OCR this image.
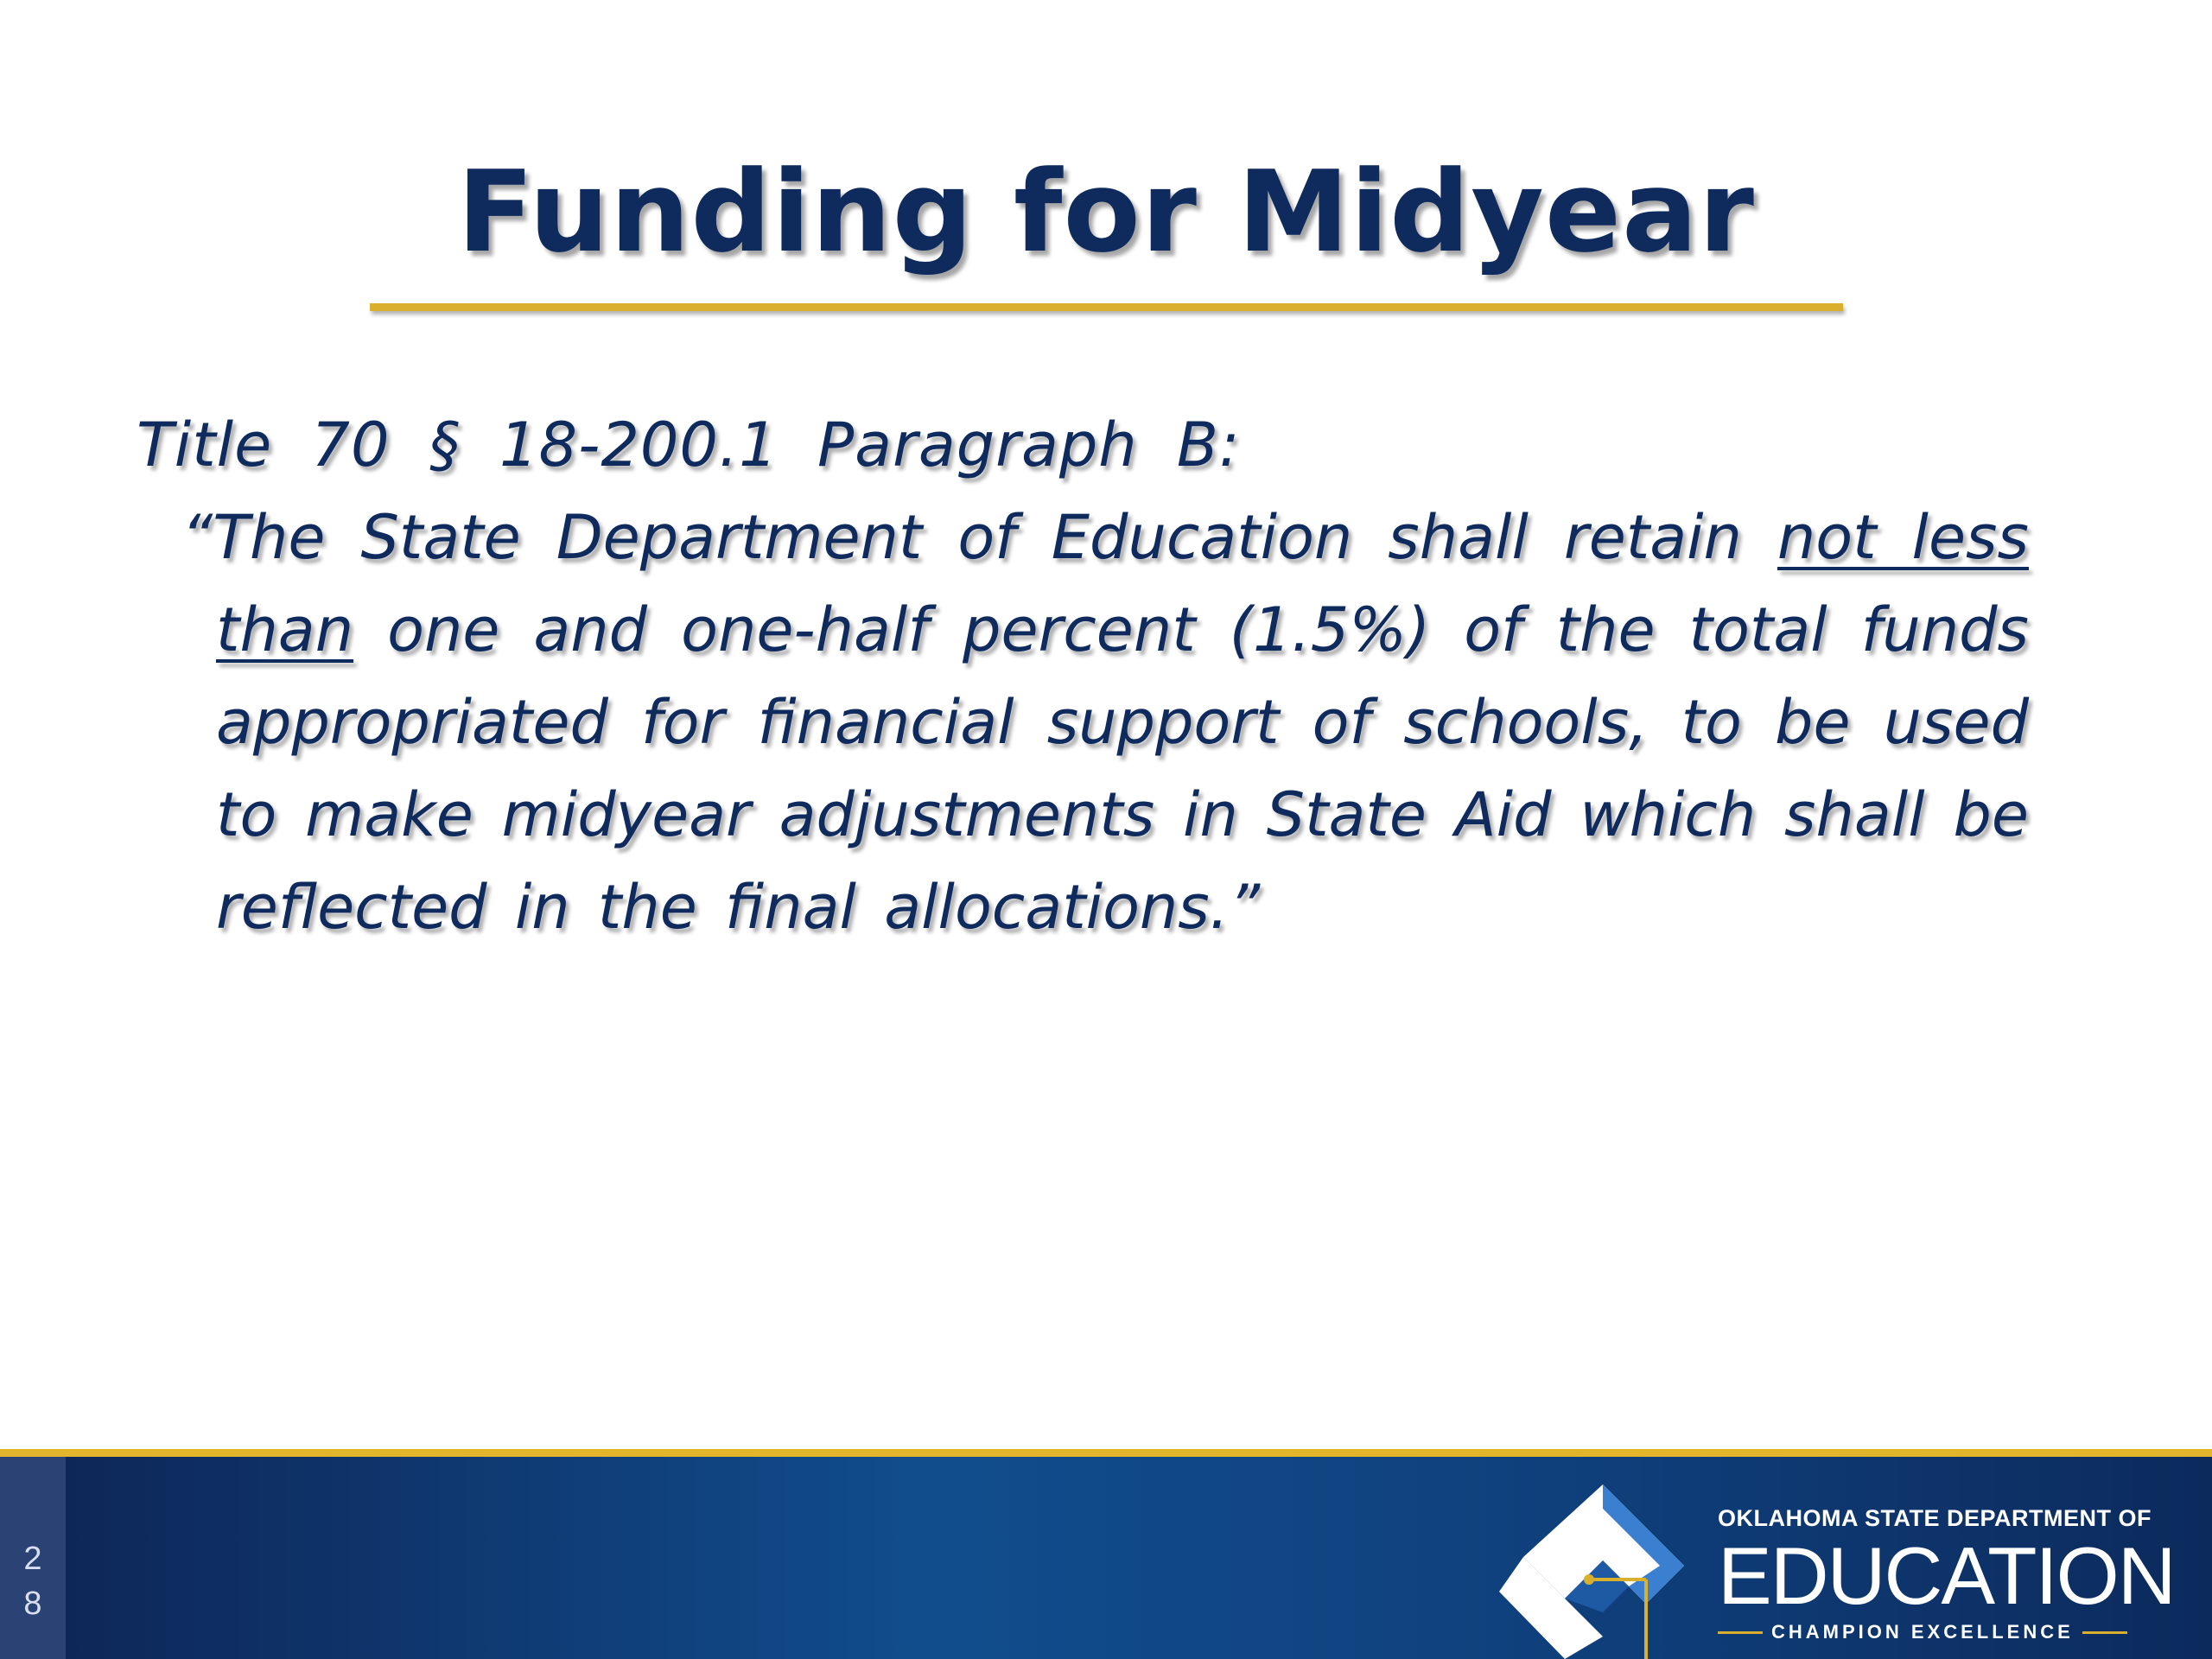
Funding for Midyear
Title 70 § 18-200.1 Paragraph B:
“The State Department of Education shall retain not less than one and one-half percent (1.5%) of the total funds appropriated for financial support of schools, to be used to make midyear adjustments in State Aid which shall be reflected in the final allocations.”
2
8
OKLAHOMA STATE DEPARTMENT OF
EDUCATION
CHAMPION EXCELLENCE
